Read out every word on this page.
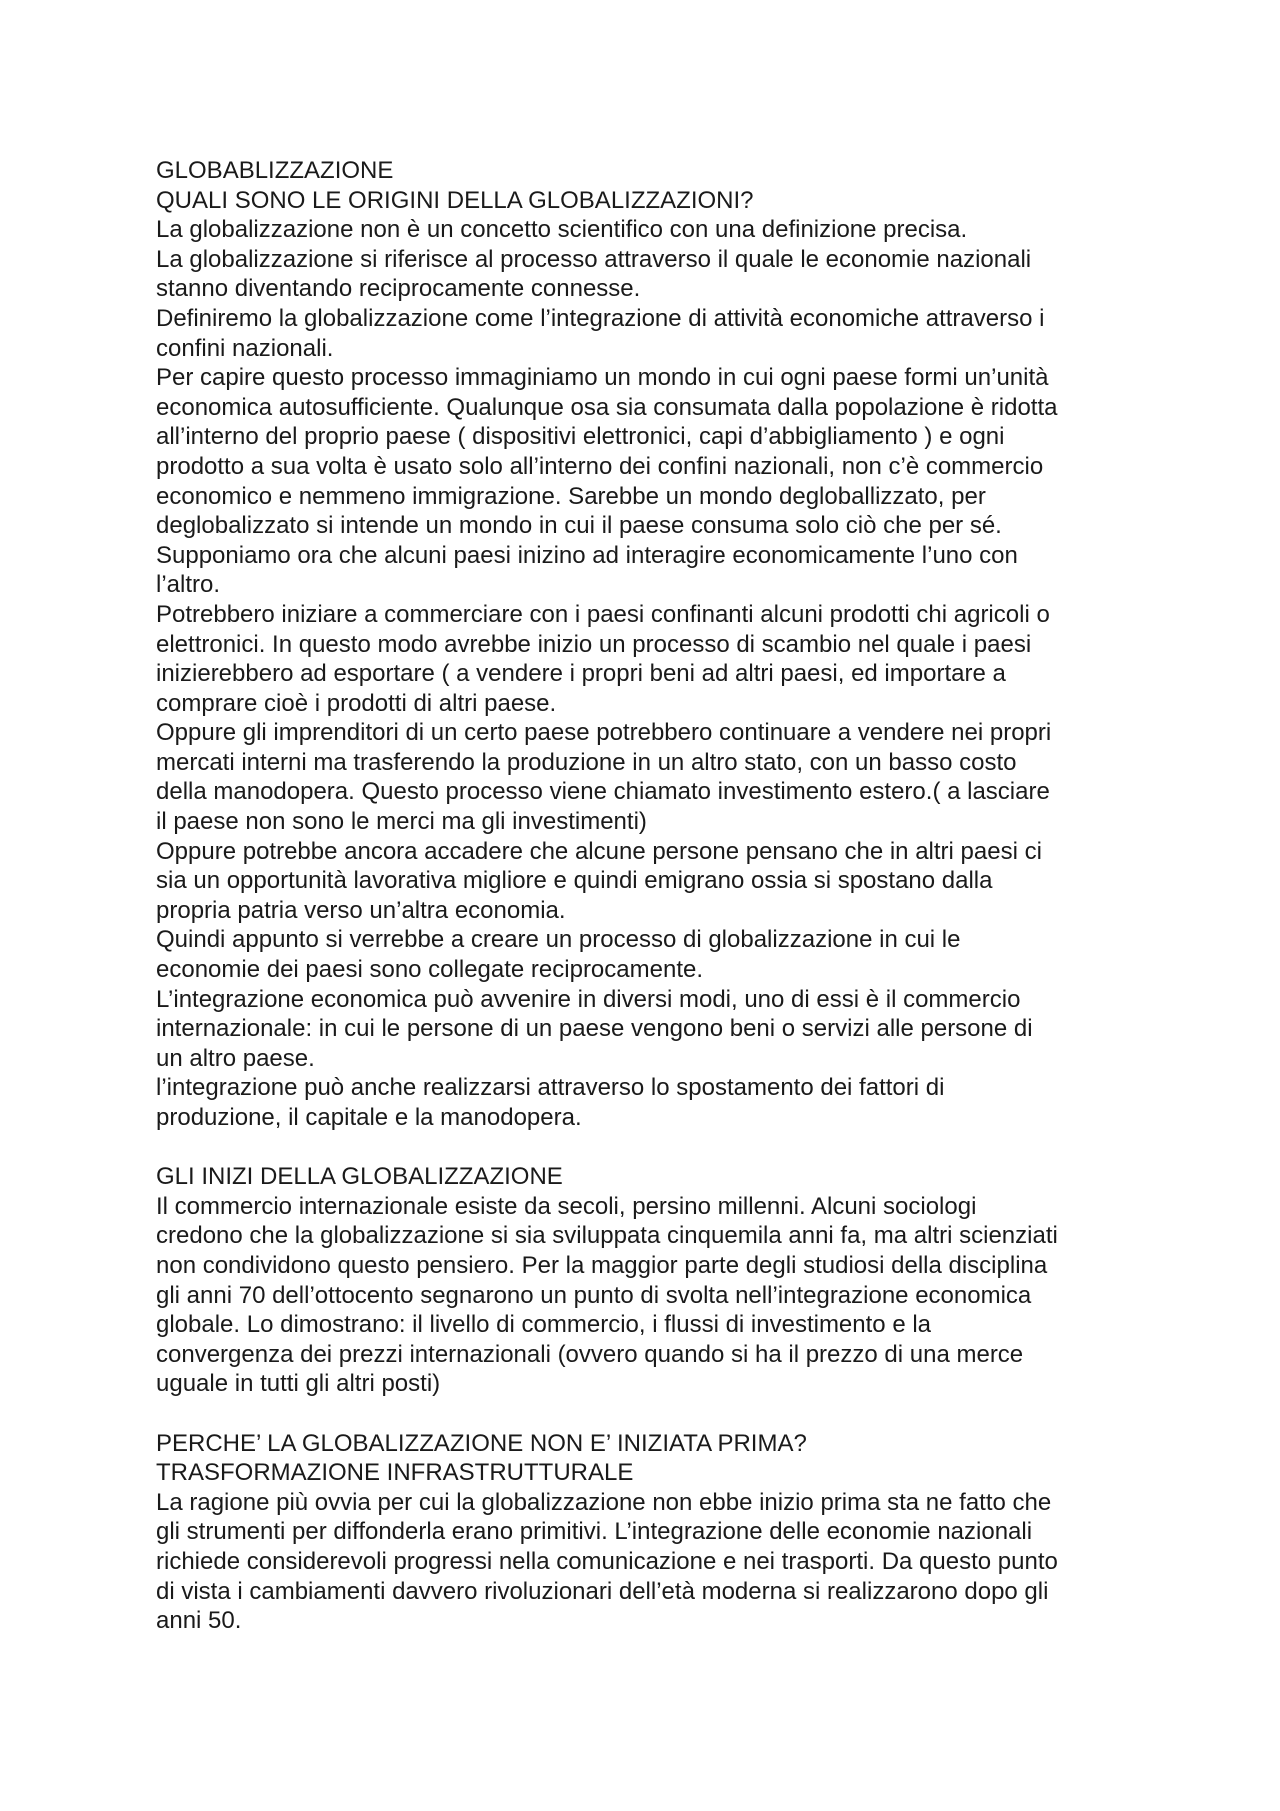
GLOBABLIZZAZIONE
QUALI SONO LE ORIGINI DELLA GLOBALIZZAZIONI?
La globalizzazione non è un concetto scientifico con una definizione precisa.
La globalizzazione si riferisce al processo attraverso il quale le economie nazionali
stanno diventando reciprocamente connesse.
Definiremo la globalizzazione come l’integrazione di attività economiche attraverso i
confini nazionali.
Per capire questo processo immaginiamo un mondo in cui ogni paese formi un’unità
economica autosufficiente. Qualunque osa sia consumata dalla popolazione è ridotta
all’interno del proprio paese ( dispositivi elettronici, capi d’abbigliamento ) e ogni
prodotto a sua volta è usato solo all’interno dei confini nazionali, non c’è commercio
economico e nemmeno immigrazione. Sarebbe un mondo degloballizzato, per
deglobalizzato si intende un mondo in cui il paese consuma solo ciò che per sé.
Supponiamo ora che alcuni paesi inizino ad interagire economicamente l’uno con
l’altro.
Potrebbero iniziare a commerciare con i paesi confinanti alcuni prodotti chi agricoli o
elettronici. In questo modo avrebbe inizio un processo di scambio nel quale i paesi
inizierebbero ad esportare ( a vendere i propri beni ad altri paesi, ed importare a
comprare cioè i prodotti di altri paese.
Oppure gli imprenditori di un certo paese potrebbero continuare a vendere nei propri
mercati interni ma trasferendo la produzione in un altro stato, con un basso costo
della manodopera. Questo processo viene chiamato investimento estero.( a lasciare
il paese non sono le merci ma gli investimenti)
Oppure potrebbe ancora accadere che alcune persone pensano che in altri paesi ci
sia un opportunità lavorativa migliore e quindi emigrano ossia si spostano dalla
propria patria verso un’altra economia.
Quindi appunto si verrebbe a creare un processo di globalizzazione in cui le
economie dei paesi sono collegate reciprocamente.
L’integrazione economica può avvenire in diversi modi, uno di essi è il commercio
internazionale: in cui le persone di un paese vengono beni o servizi alle persone di
un altro paese.
l’integrazione può anche realizzarsi attraverso lo spostamento dei fattori di
produzione, il capitale e la manodopera.
GLI INIZI DELLA GLOBALIZZAZIONE
Il commercio internazionale esiste da secoli, persino millenni. Alcuni sociologi
credono che la globalizzazione si sia sviluppata cinquemila anni fa, ma altri scienziati
non condividono questo pensiero. Per la maggior parte degli studiosi della disciplina
gli anni 70 dell’ottocento segnarono un punto di svolta nell’integrazione economica
globale. Lo dimostrano: il livello di commercio, i flussi di investimento e la
convergenza dei prezzi internazionali (ovvero quando si ha il prezzo di una merce
uguale in tutti gli altri posti)
PERCHE’ LA GLOBALIZZAZIONE NON E’ INIZIATA PRIMA?
TRASFORMAZIONE INFRASTRUTTURALE
La ragione più ovvia per cui la globalizzazione non ebbe inizio prima sta ne fatto che
gli strumenti per diffonderla erano primitivi. L’integrazione delle economie nazionali
richiede considerevoli progressi nella comunicazione e nei trasporti. Da questo punto
di vista i cambiamenti davvero rivoluzionari dell’età moderna si realizzarono dopo gli
anni 50.
